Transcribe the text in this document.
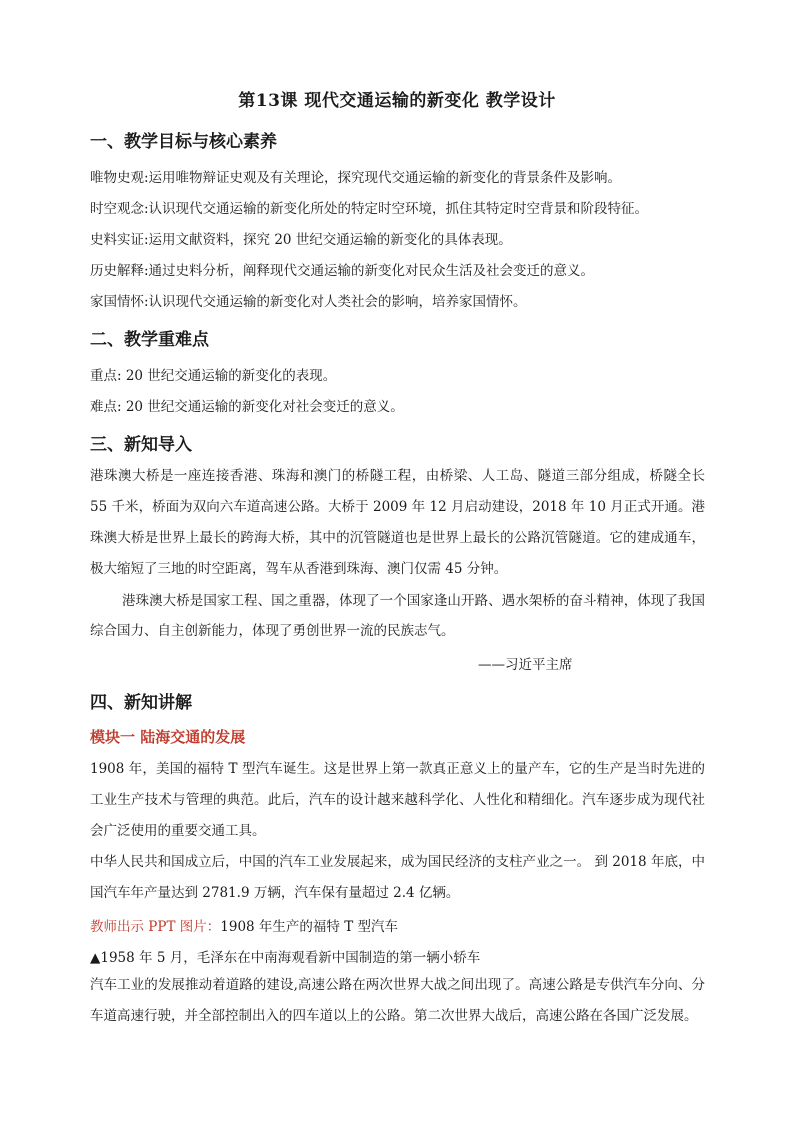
第13课 现代交通运输的新变化 教学设计
一、教学目标与核心素养
唯物史观:运用唯物辩证史观及有关理论，探究现代交通运输的新变化的背景条件及影响。
时空观念:认识现代交通运输的新变化所处的特定时空环境，抓住其特定时空背景和阶段特征。
史料实证:运用文献资料，探究 20 世纪交通运输的新变化的具体表现。
历史解释:通过史料分析，阐释现代交通运输的新变化对民众生活及社会变迁的意义。
家国情怀:认识现代交通运输的新变化对人类社会的影响，培养家国情怀。
二、教学重难点
重点: 20 世纪交通运输的新变化的表现。
难点: 20 世纪交通运输的新变化对社会变迁的意义。
三、新知导入
港珠澳大桥是一座连接香港、珠海和澳门的桥隧工程，由桥梁、人工岛、隧道三部分组成，桥隧全长 55 千米，桥面为双向六车道高速公路。大桥于 2009 年 12 月启动建设，2018 年 10 月正式开通。港珠澳大桥是世界上最长的跨海大桥，其中的沉管隧道也是世界上最长的公路沉管隧道。它的建成通车，极大缩短了三地的时空距离，驾车从香港到珠海、澳门仅需 45 分钟。
港珠澳大桥是国家工程、国之重器，体现了一个国家逢山开路、遇水架桥的奋斗精神，体现了我国综合国力、自主创新能力，体现了勇创世界一流的民族志气。
——习近平主席
四、新知讲解
模块一 陆海交通的发展
1908 年，美国的福特 T 型汽车诞生。这是世界上第一款真正意义上的量产车，它的生产是当时先进的工业生产技术与管理的典范。此后，汽车的设计越来越科学化、人性化和精细化。汽车逐步成为现代社会广泛使用的重要交通工具。
中华人民共和国成立后，中国的汽车工业发展起来，成为国民经济的支柱产业之一。 到 2018 年底，中国汽车年产量达到 2781.9 万辆，汽车保有量超过 2.4 亿辆。
教师出示 PPT 图片：1908 年生产的福特 T 型汽车
▲1958 年 5 月，毛泽东在中南海观看新中国制造的第一辆小轿车
汽车工业的发展推动着道路的建设,高速公路在两次世界大战之间出现了。高速公路是专供汽车分向、分车道高速行驶，并全部控制出入的四车道以上的公路。第二次世界大战后，高速公路在各国广泛发展。
